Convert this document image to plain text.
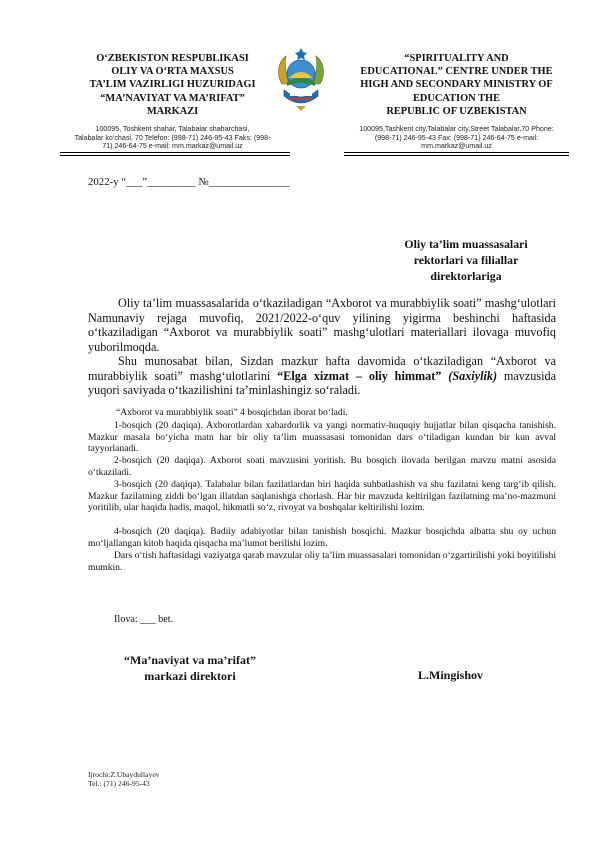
O‘ZBEKISTON RESPUBLIKASI
OLIY VA O‘RTA MAXSUS
TA’LIM VAZIRLIGI HUZURIDAGI
“MA’NAVIYAT VA MA’RIFAT”
MARKAZI
“SPIRITUALITY AND
EDUCATIONAL” CENTRE UNDER THE
HIGH AND SECONDARY MINISTRY OF
EDUCATION THE
REPUBLIC OF UZBEKISTAN
100095, Toshkent shahar, Talabalar shaharchasi,
Talabalar ko‘chasi, 70 Telefon: (998-71) 246-95-43 Faks: (998-
71) 246-64-75 e-mail: mm.markaz@umail.uz
100095,Tashkent city,Talabalar city,Street Talabalar,70 Phone:
(998-71) 246-95-43 Fax: (998-71) 246-64-75 e-mail:
mm.markaz@umail.uz
2022-y “___”_________ №_______________
Oliy ta’lim muassasalari
rektorlari va filiallar
direktorlariga
Oliy ta’lim muassasalarida o‘tkaziladigan “Axborot va murabbiylik soati” mashg‘ulotlari Namunaviy rejaga muvofiq, 2021/2022-o‘quv yilining yigirma beshinchi haftasida o‘tkaziladigan “Axborot va murabbiylik soati” mashg‘ulotlari materiallari ilovaga muvofiq yuborilmoqda.
Shu munosabat bilan, Sizdan mazkur hafta davomida o‘tkaziladigan “Axborot va murabbiylik soati” mashg‘ulotlarini “Elga xizmat – oliy himmat” (Saxiylik) mavzusida yuqori saviyada o‘tkazilishini ta’minlashingiz so‘raladi.
“Axborot va murabbiylik soati” 4 bosqichdan iborat bo‘ladi.
1-bosqich (20 daqiqa). Axborotlardan xabardorlik va yangi normativ-huquqiy hujjatlar bilan qisqacha tanishish. Mazkur masala bo‘yicha matn har bir oliy ta’lim muassasasi tomonidan dars o‘tiladigan kundan bir kun avval tayyorlanadi.
2-bosqich (20 daqiqa). Axborot soati mavzusini yoritish. Bu bosqich ilovada berilgan mavzu matni asosida o‘tkaziladi.
3-bosqich (20 daqiqa). Talabalar bilan fazilatlardan biri haqida suhbatlashish va shu fazilatni keng targ‘ib qilish. Mazkur fazilatning ziddi bo‘lgan illatdan saqlanishga chorlash. Har bir mavzuda keltirilgan fazilatning ma’no-mazmuni yoritilib, ular haqida hadis, maqol, hikmatli so‘z, rivoyat va boshqalar keltirilishi lozim.
4-bosqich (20 daqiqa). Badiiy adabiyotlar bilan tanishish bosqichi. Mazkur bosqichda albatta shu oy uchun mo‘ljallangan kitob haqida qisqacha ma’lumot berilishi lozim.
Dars o‘tish haftasidagi vaziyatga qarab mavzular oliy ta’lim muassasalari tomonidan o‘zgartirilishi yoki boyitilishi mumkin.
Ilova: ___ bet.
“Ma’naviyat va ma’rifat”
markazi direktori	L.Mingishov
Ijrochi:Z.Ubaydullayev
Tel.: (71) 246-95-43
